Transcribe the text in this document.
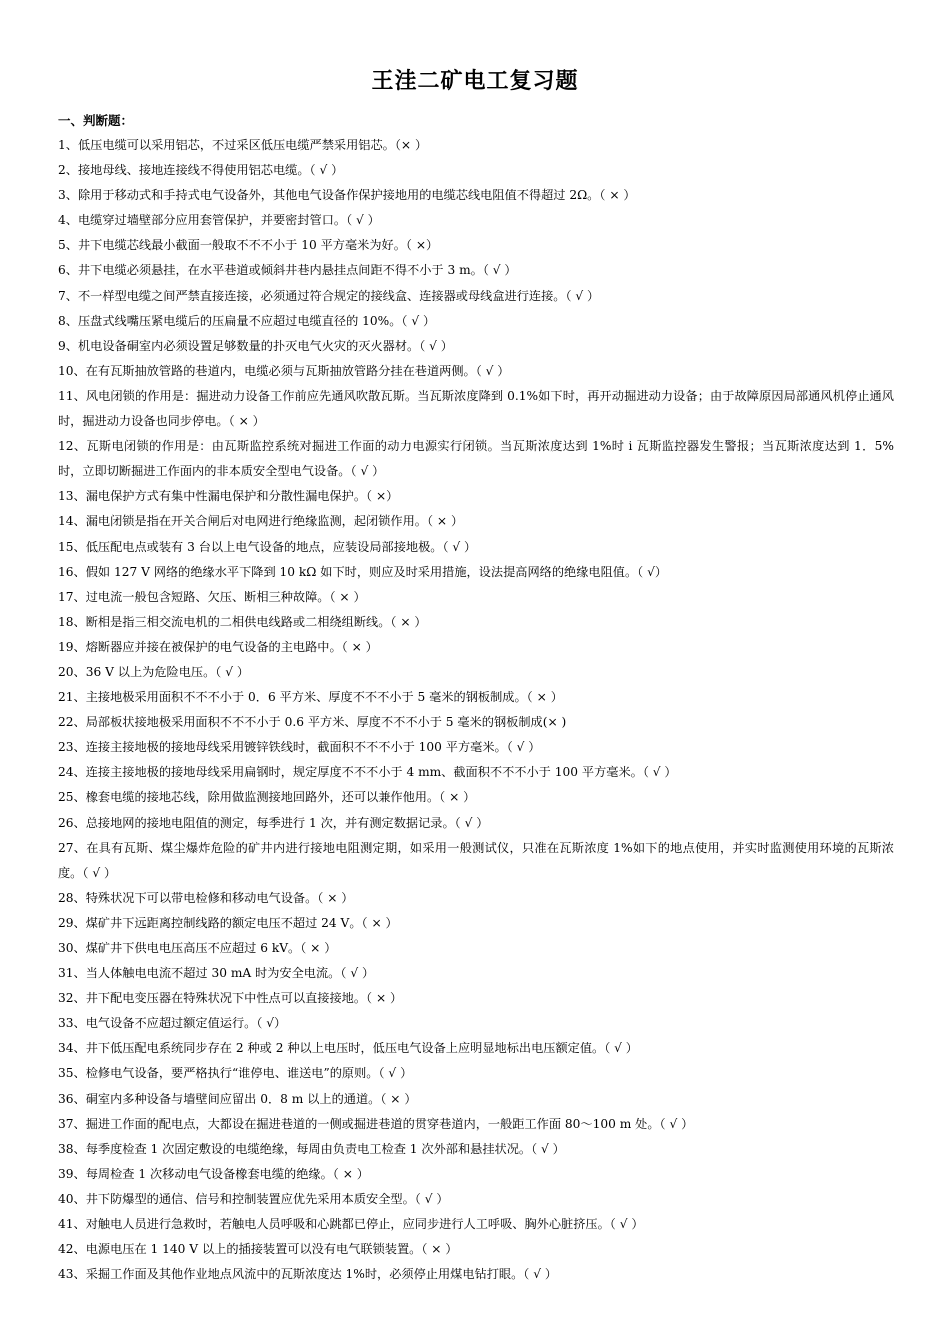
王洼二矿电工复习题
一、判断题：
1、低压电缆可以采用铝芯，不过采区低压电缆严禁采用铝芯。（× ）
2、接地母线、接地连接线不得使用铝芯电缆。（ √ ）
3、除用于移动式和手持式电气设备外，其他电气设备作保护接地用的电缆芯线电阻值不得超过 2Ω。（ × ）
4、电缆穿过墙壁部分应用套管保护，并要密封管口。（ √ ）
5、井下电缆芯线最小截面一般取不不不小于 10 平方毫米为好。（ ×）
6、井下电缆必须悬挂，在水平巷道或倾斜井巷内悬挂点间距不得不小于 3 m。（ √ ）
7、不一样型电缆之间严禁直接连接，必须通过符合规定的接线盒、连接器或母线盒进行连接。（ √ ）
8、压盘式线嘴压紧电缆后的压扁量不应超过电缆直径的 10%。（ √ ）
9、机电设备硐室内必须设置足够数量的扑灭电气火灾的灭火器材。（ √ ）
10、在有瓦斯抽放管路的巷道内，电缆必须与瓦斯抽放管路分挂在巷道两侧。（ √ ）
11、风电闭锁的作用是：掘进动力设备工作前应先通风吹散瓦斯。当瓦斯浓度降到 0.1%如下时，再开动掘进动力设备；由于故障原因局部通风机停止通风时，掘进动力设备也同步停电。（ × ）
12、瓦斯电闭锁的作用是：由瓦斯监控系统对掘进工作面的动力电源实行闭锁。当瓦斯浓度达到 1%时 i 瓦斯监控器发生警报；当瓦斯浓度达到 1．5%时，立即切断掘进工作面内的非本质安全型电气设备。（ √ ）
13、漏电保护方式有集中性漏电保护和分散性漏电保护。（ ×）
14、漏电闭锁是指在开关合闸后对电网进行绝缘监测，起闭锁作用。（ × ）
15、低压配电点或装有 3 台以上电气设备的地点，应装设局部接地极。（ √ ）
16、假如 127 V 网络的绝缘水平下降到 10 kΩ 如下时，则应及时采用措施，设法提高网络的绝缘电阻值。（ √）
17、过电流一般包含短路、欠压、断相三种故障。（ × ）
18、断相是指三相交流电机的二相供电线路或二相绕组断线。（ × ）
19、熔断器应并接在被保护的电气设备的主电路中。（ × ）
20、36 V 以上为危险电压。（ √ ）
21、主接地极采用面积不不不小于 0．6 平方米、厚度不不不小于 5 毫米的钢板制成。（ × ）
22、局部板状接地极采用面积不不不小于 0.6 平方米、厚度不不不小于 5 毫米的钢板制成(× )
23、连接主接地极的接地母线采用镀锌铁线时，截面积不不不小于 100 平方毫米。（ √ ）
24、连接主接地极的接地母线采用扁钢时，规定厚度不不不小于 4 mm、截面积不不不小于 100 平方毫米。（ √ ）
25、橡套电缆的接地芯线，除用做监测接地回路外，还可以兼作他用。（ × ）
26、总接地网的接地电阻值的测定，每季进行 1 次，并有测定数据记录。（ √ ）
27、在具有瓦斯、煤尘爆炸危险的矿井内进行接地电阻测定期，如采用一般测试仪，只准在瓦斯浓度 1%如下的地点使用，并实时监测使用环境的瓦斯浓度。（ √ ）
28、特殊状况下可以带电检修和移动电气设备。（ × ）
29、煤矿井下远距离控制线路的额定电压不超过 24 V。（ × ）
30、煤矿井下供电电压高压不应超过 6 kV。（ × ）
31、当人体触电电流不超过 30 mA 时为安全电流。（ √ ）
32、井下配电变压器在特殊状况下中性点可以直接接地。（ × ）
33、电气设备不应超过额定值运行。（ √）
34、井下低压配电系统同步存在 2 种或 2 种以上电压时，低压电气设备上应明显地标出电压额定值。（ √ ）
35、检修电气设备，要严格执行“谁停电、谁送电”的原则。（ √ ）
36、硐室内多种设备与墙壁间应留出 0．8 m 以上的通道。（ × ）
37、掘进工作面的配电点，大都设在掘进巷道的一侧或掘进巷道的贯穿巷道内，一般距工作面 80～100 m 处。（ √ ）
38、每季度检查 1 次固定敷设的电缆绝缘，每周由负责电工检查 1 次外部和悬挂状况。（ √ ）
39、每周检查 1 次移动电气设备橡套电缆的绝缘。（ × ）
40、井下防爆型的通信、信号和控制装置应优先采用本质安全型。（ √ ）
41、对触电人员进行急救时，若触电人员呼吸和心跳都已停止，应同步进行人工呼吸、胸外心脏挤压。（ √ ）
42、电源电压在 1 140 V 以上的插接装置可以没有电气联锁装置。（ × ）
43、采掘工作面及其他作业地点风流中的瓦斯浓度达 1%时，必须停止用煤电钻打眼。（ √ ）
